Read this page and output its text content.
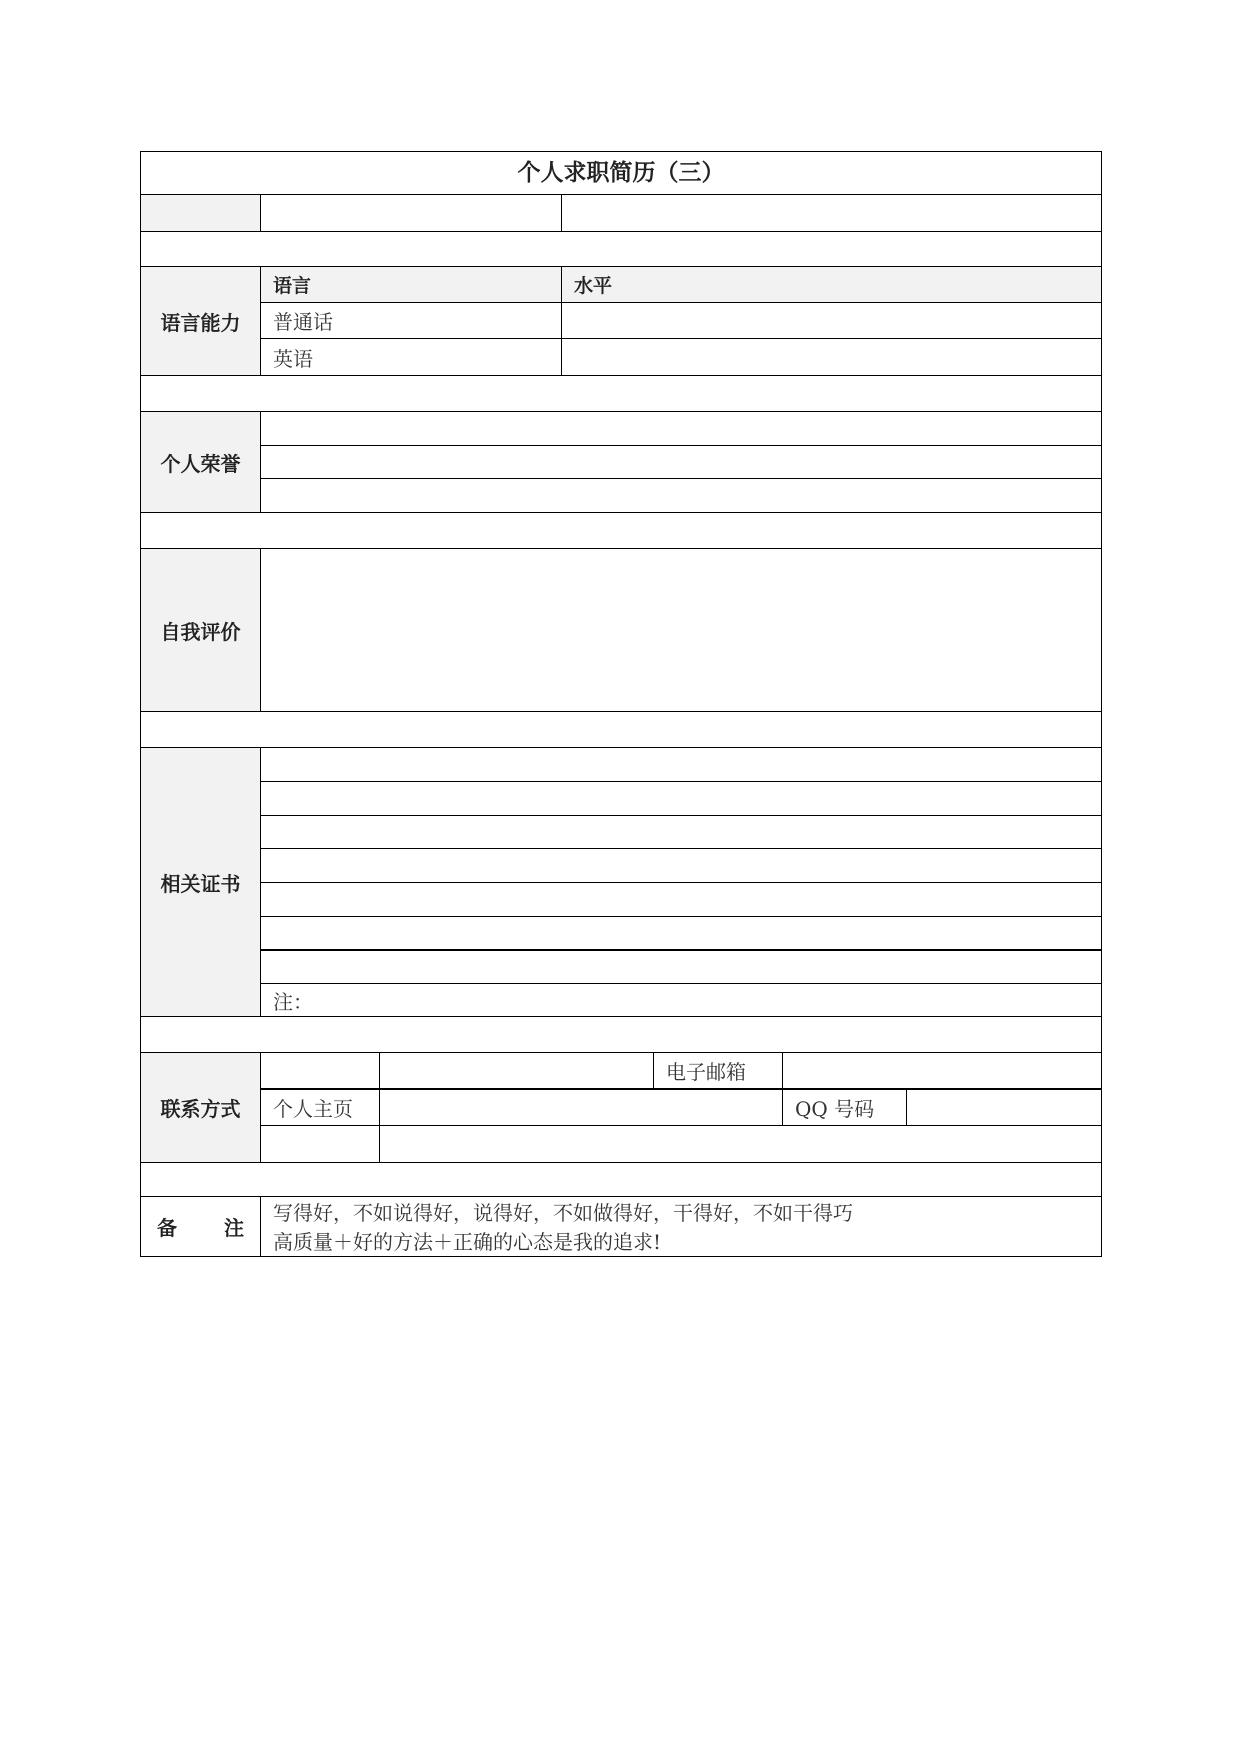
个人求职简历（三）
语言能力
语言	水平
普通话
英语
个人荣誉
自我评价
相关证书
注：
联系方式
电子邮箱
个人主页	QQ 号码
备 注
写得好，不如说得好，说得好，不如做得好，干得好，不如干得巧
高质量＋好的方法＋正确的心态是我的追求!
